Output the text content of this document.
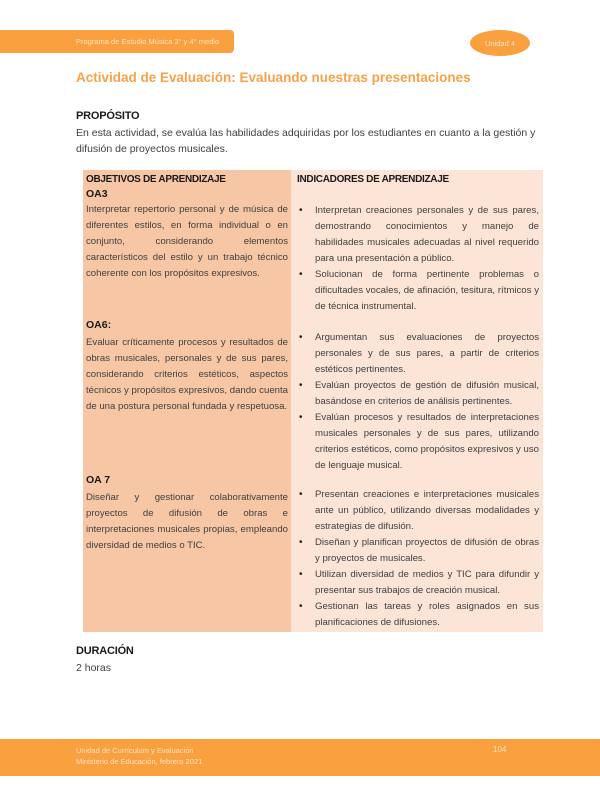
Programa de Estudio Música 3° y 4° medio	Unidad 4
Actividad de Evaluación: Evaluando nuestras presentaciones
PROPÓSITO
En esta actividad, se evalúa las habilidades adquiridas por los estudiantes en cuanto a la gestión y difusión de proyectos musicales.
OBJETIVOS DE APRENDIZAJE
OA3
Interpretar repertorio personal y de música de diferentes estilos, en forma individual o en conjunto, considerando elementos característicos del estilo y un trabajo técnico coherente con los propósitos expresivos.
OA6:
Evaluar críticamente procesos y resultados de obras musicales, personales y de sus pares, considerando criterios estéticos, aspectos técnicos y propósitos expresivos, dando cuenta de una postura personal fundada y respetuosa.
OA 7
Diseñar y gestionar colaborativamente proyectos de difusión de obras e interpretaciones musicales propias, empleando diversidad de medios o TIC.
INDICADORES DE APRENDIZAJE
• Interpretan creaciones personales y de sus pares, demostrando conocimientos y manejo de habilidades musicales adecuadas al nivel requerido para una presentación a público.
• Solucionan de forma pertinente problemas o dificultades vocales, de afinación, tesitura, rítmicos y de técnica instrumental.
• Argumentan sus evaluaciones de proyectos personales y de sus pares, a partir de criterios estéticos pertinentes.
• Evalúan proyectos de gestión de difusión musical, basándose en criterios de análisis pertinentes.
• Evalúan procesos y resultados de interpretaciones musicales personales y de sus pares, utilizando criterios estéticos, como propósitos expresivos y uso de lenguaje musical.
• Presentan creaciones e interpretaciones musicales ante un público, utilizando diversas modalidades y estrategias de difusión.
• Diseñan y planifican proyectos de difusión de obras y proyectos de musicales.
• Utilizan diversidad de medios y TIC para difundir y presentar sus trabajos de creación musical.
• Gestionan las tareas y roles asignados en sus planificaciones de difusiones.
DURACIÓN
2 horas
Unidad de Currículum y Evaluación
Ministerio de Educación, febrero 2021
104
